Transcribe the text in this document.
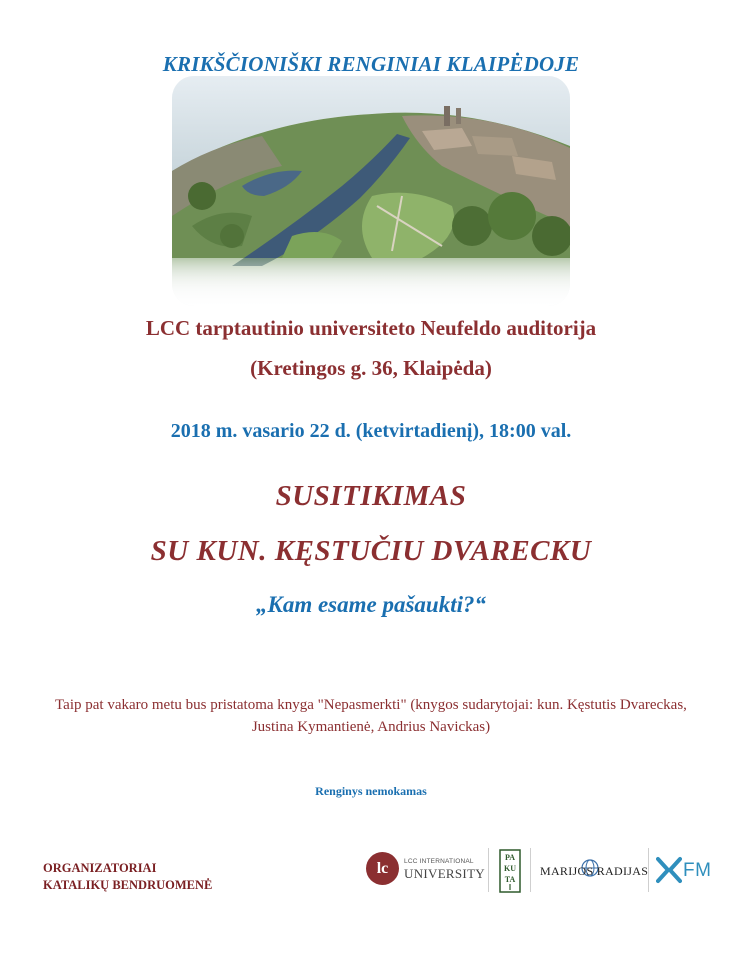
KRIKŠČIONIŠKI RENGINIAI KLAIPĖDOJE
LCC tarptautinio universiteto Neufeldo auditorija
(Kretingos g. 36, Klaipėda)
2018 m. vasario 22 d. (ketvirtadienį), 18:00 val.
SUSITIKIMAS
SU KUN. KĘSTUČIU DVARECKU
„Kam esame pašaukti?“
Taip pat vakaro metu bus pristatoma knyga "Nepasmerkti" (knygos sudarytojai: kun. Kęstutis Dvareckas, Justina Kymantienė, Andrius Navickas)
Renginys nemokamas
ORGANIZATORIAI
KATALIKŲ BENDRUOMENĖ
lc	LCC INTERNATIONAL
UNIVERSITY
PA
KU
TA
MARIJOS RADIJAS FM
